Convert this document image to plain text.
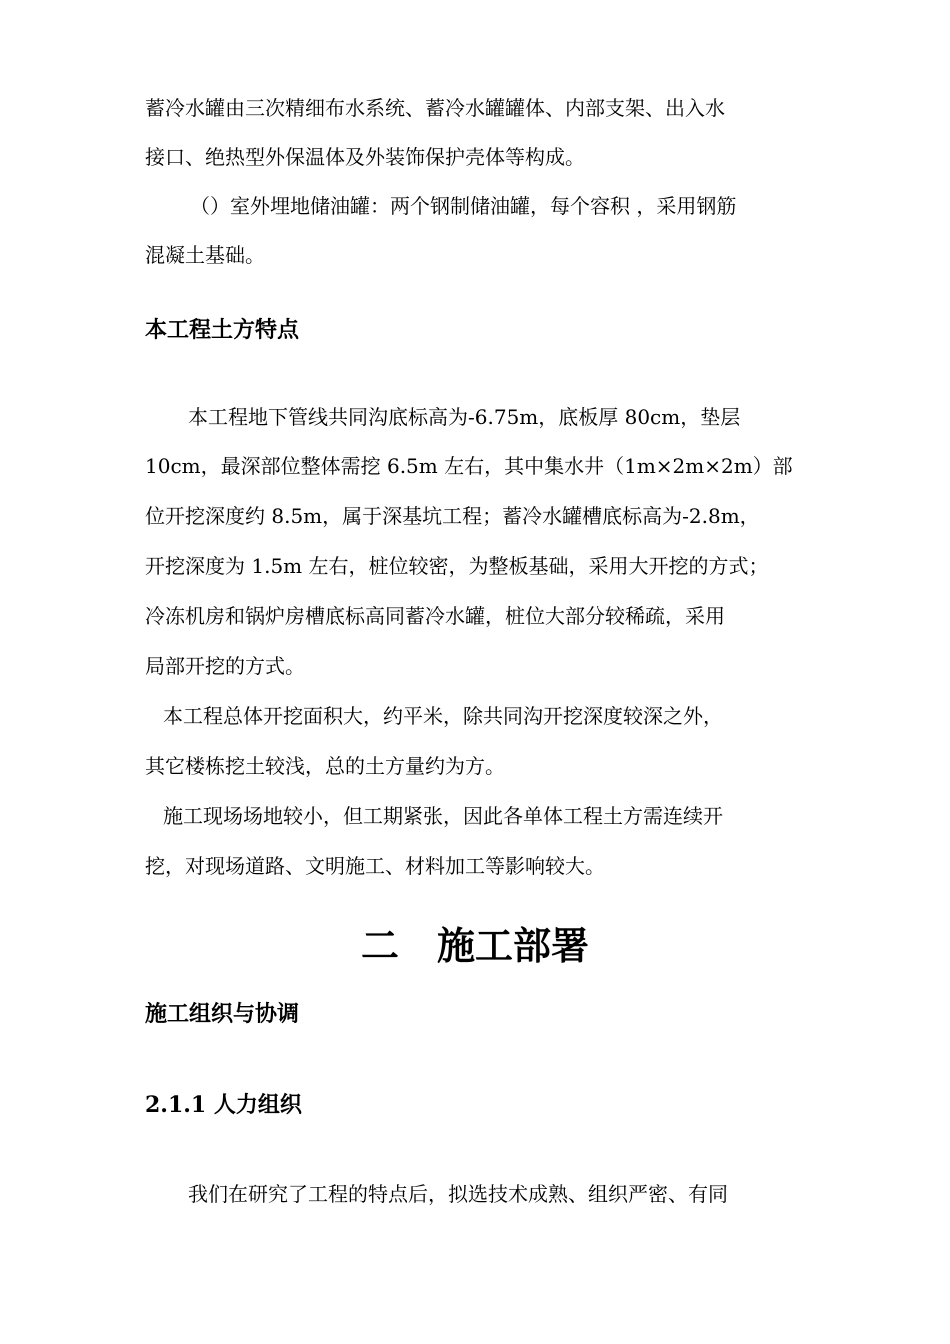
蓄冷水罐由三次精细布水系统、蓄冷水罐罐体、内部支架、出入水
接口、绝热型外保温体及外装饰保护壳体等构成。
（）室外埋地储油罐：两个钢制储油罐，每个容积 ，采用钢筋
混凝土基础。
本工程土方特点
本工程地下管线共同沟底标高为-6.75m，底板厚 80cm，垫层
10cm，最深部位整体需挖 6.5m 左右，其中集水井（1m×2m×2m）部
位开挖深度约 8.5m，属于深基坑工程；蓄冷水罐槽底标高为-2.8m，
开挖深度为 1.5m 左右，桩位较密，为整板基础，采用大开挖的方式；
冷冻机房和锅炉房槽底标高同蓄冷水罐，桩位大部分较稀疏，采用
局部开挖的方式。
本工程总体开挖面积大，约平米，除共同沟开挖深度较深之外，
其它楼栋挖土较浅，总的土方量约为方。
施工现场场地较小，但工期紧张，因此各单体工程土方需连续开
挖，对现场道路、文明施工、材料加工等影响较大。
二　施工部署
施工组织与协调
2.1.1 人力组织
我们在研究了工程的特点后，拟选技术成熟、组织严密、有同
